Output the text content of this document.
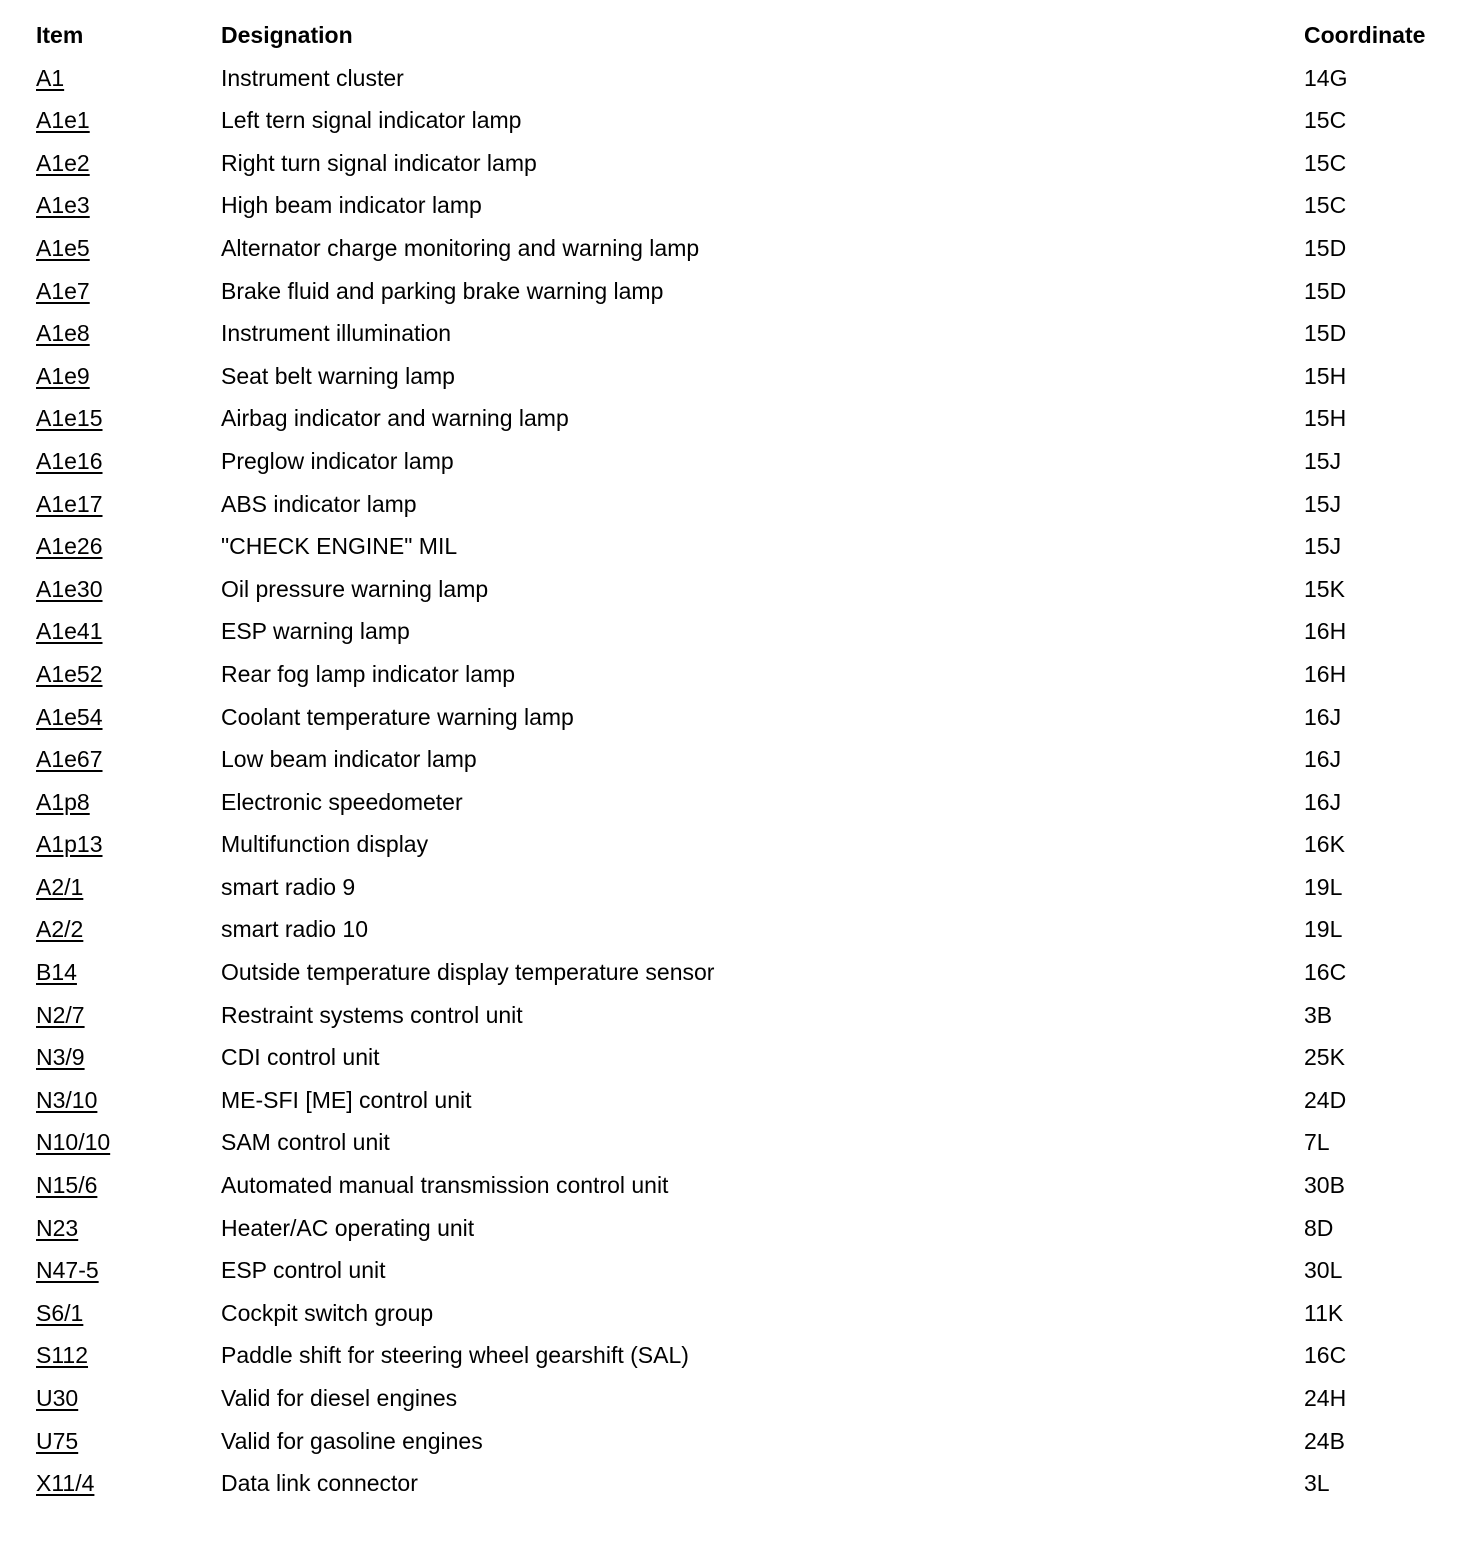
Item	Designation	Coordinate
A1	Instrument cluster	14G
A1e1	Left tern signal indicator lamp	15C
A1e2	Right turn signal indicator lamp	15C
A1e3	High beam indicator lamp	15C
A1e5	Alternator charge monitoring and warning lamp	15D
A1e7	Brake fluid and parking brake warning lamp	15D
A1e8	Instrument illumination	15D
A1e9	Seat belt warning lamp	15H
A1e15	Airbag indicator and warning lamp	15H
A1e16	Preglow indicator lamp	15J
A1e17	ABS indicator lamp	15J
A1e26	"CHECK ENGINE" MIL	15J
A1e30	Oil pressure warning lamp	15K
A1e41	ESP warning lamp	16H
A1e52	Rear fog lamp indicator lamp	16H
A1e54	Coolant temperature warning lamp	16J
A1e67	Low beam indicator lamp	16J
A1p8	Electronic speedometer	16J
A1p13	Multifunction display	16K
A2/1	smart radio 9	19L
A2/2	smart radio 10	19L
B14	Outside temperature display temperature sensor	16C
N2/7	Restraint systems control unit	3B
N3/9	CDI control unit	25K
N3/10	ME-SFI [ME] control unit	24D
N10/10	SAM control unit	7L
N15/6	Automated manual transmission control unit	30B
N23	Heater/AC operating unit	8D
N47-5	ESP control unit	30L
S6/1	Cockpit switch group	11K
S112	Paddle shift for steering wheel gearshift (SAL)	16C
U30	Valid for diesel engines	24H
U75	Valid for gasoline engines	24B
X11/4	Data link connector	3L
